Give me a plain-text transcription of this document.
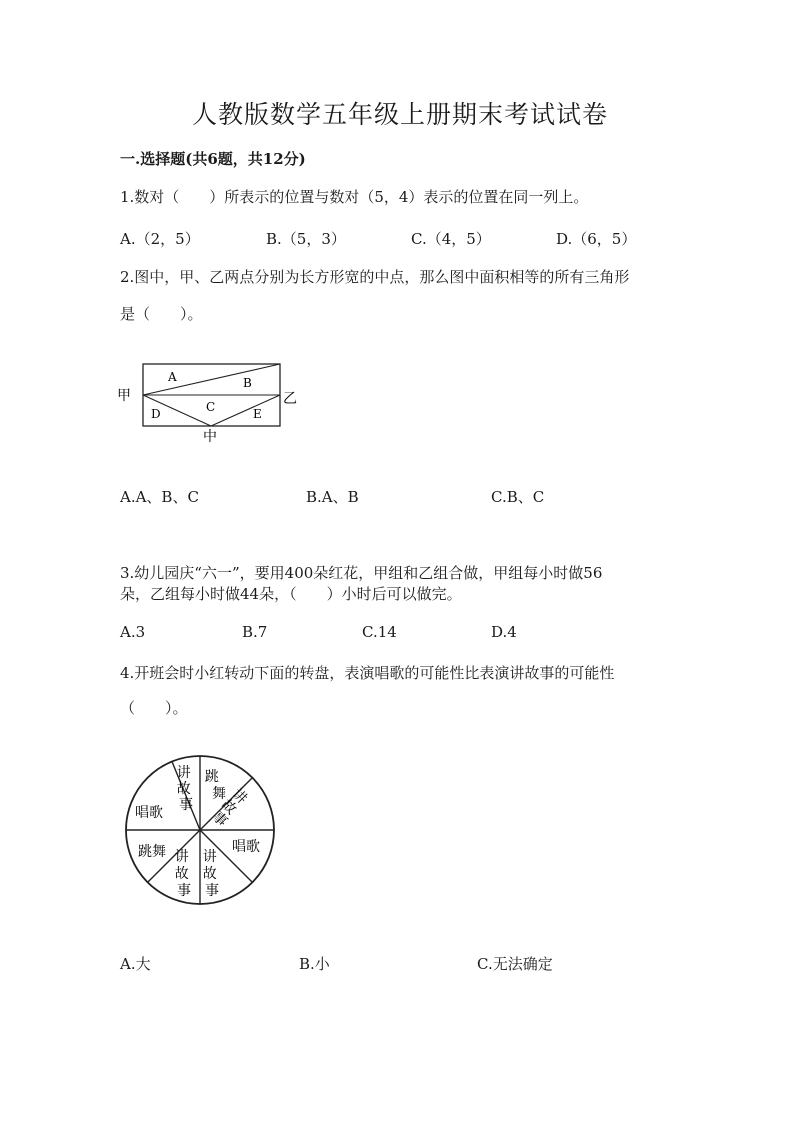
人教版数学五年级上册期末考试试卷
一.选择题(共6题，共12分)
1.数对（　　）所表示的位置与数对（5，4）表示的位置在同一列上。
A.（2，5）	B.（5，3）	C.（4，5）	D.（6，5）
2.图中，甲、乙两点分别为长方形宽的中点，那么图中面积相等的所有三角形
是（　　）。
甲	乙
中
A	B
C
D	E
A.A、B、C	B.A、B	C.B、C
3.幼儿园庆“六一”，要用400朵红花，甲组和乙组合做，甲组每小时做56
朵，乙组每小时做44朵，（　　）小时后可以做完。
A.3	B.7	C.14	D.4
4.开班会时小红转动下面的转盘，表演唱歌的可能性比表演讲故事的可能性
（　　）。
讲 故 事
跳 舞 讲 故 事
唱歌
讲 故 事
讲 故 事
跳舞
唱歌
A.大	B.小	C.无法确定
